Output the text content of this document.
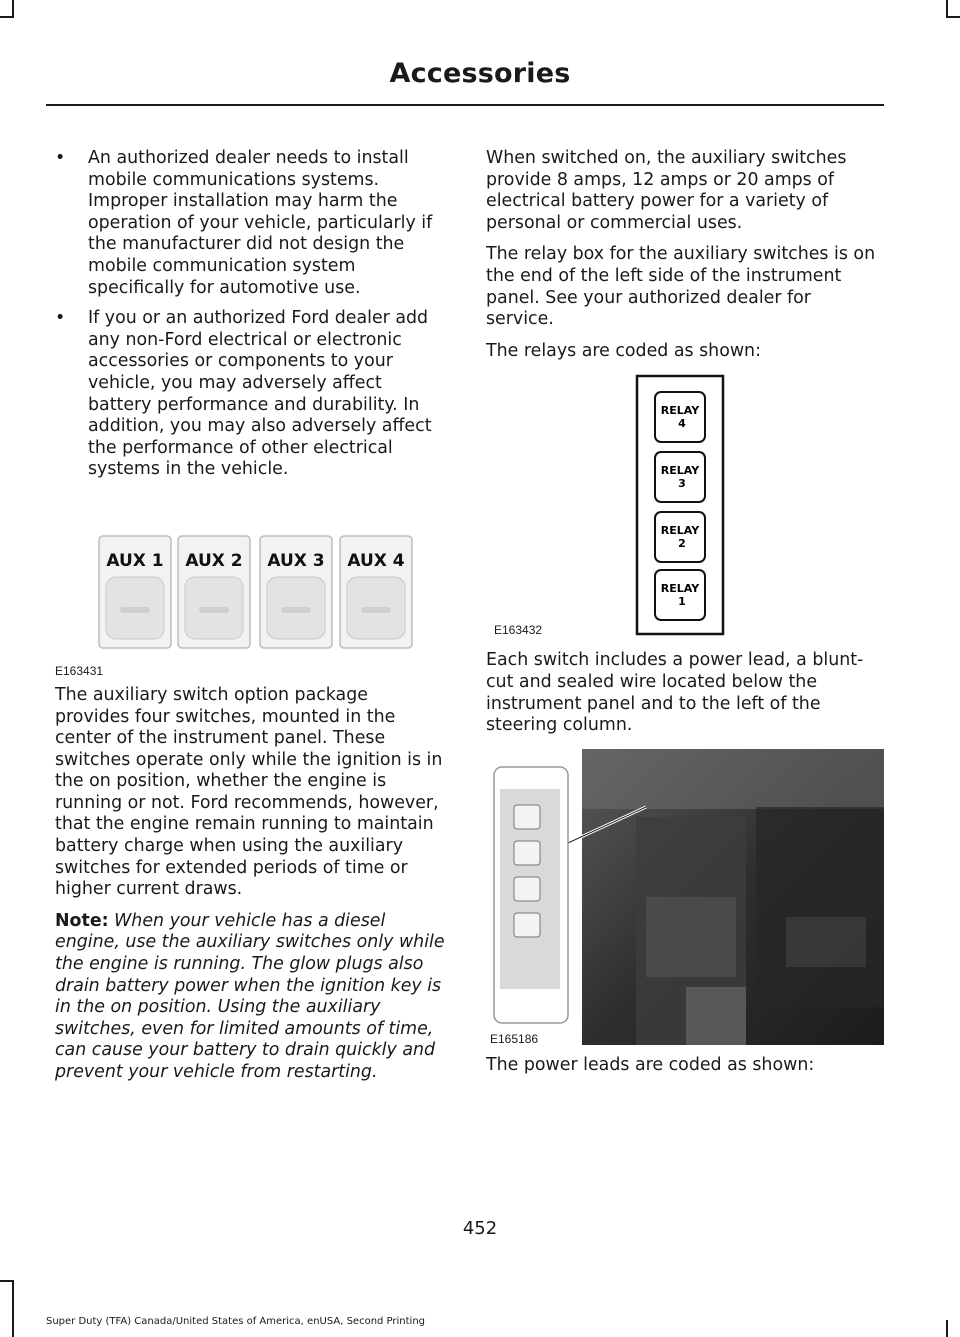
Accessories
• An authorized dealer needs to install mobile communications systems. Improper installation may harm the operation of your vehicle, particularly if the manufacturer did not design the mobile communication system specifically for automotive use.
• If you or an authorized Ford dealer add any non-Ford electrical or electronic accessories or components to your vehicle, you may adversely affect battery performance and durability. In addition, you may also adversely affect the performance of other electrical systems in the vehicle.
AUX 1 AUX 2 AUX 3 AUX 4
E163431

The auxiliary switch option package provides four switches, mounted in the center of the instrument panel. These switches operate only while the ignition is in the on position, whether the engine is running or not. Ford recommends, however, that the engine remain running to maintain battery charge when using the auxiliary switches for extended periods of time or higher current draws.

Note: When your vehicle has a diesel engine, use the auxiliary switches only while the engine is running. The glow plugs also drain battery power when the ignition key is in the on position. Using the auxiliary switches, even for limited amounts of time, can cause your battery to drain quickly and prevent your vehicle from restarting.

When switched on, the auxiliary switches provide 8 amps, 12 amps or 20 amps of electrical battery power for a variety of personal or commercial uses.

The relay box for the auxiliary switches is on the end of the left side of the instrument panel. See your authorized dealer for service.

The relays are coded as shown:

RELAY
4
RELAY
3
RELAY
2
RELAY
1
E163432

Each switch includes a power lead, a blunt-cut and sealed wire located below the instrument panel and to the left of the steering column.

E165186

The power leads are coded as shown:

452
Super Duty (TFA) Canada/United States of America, enUSA, Second Printing
